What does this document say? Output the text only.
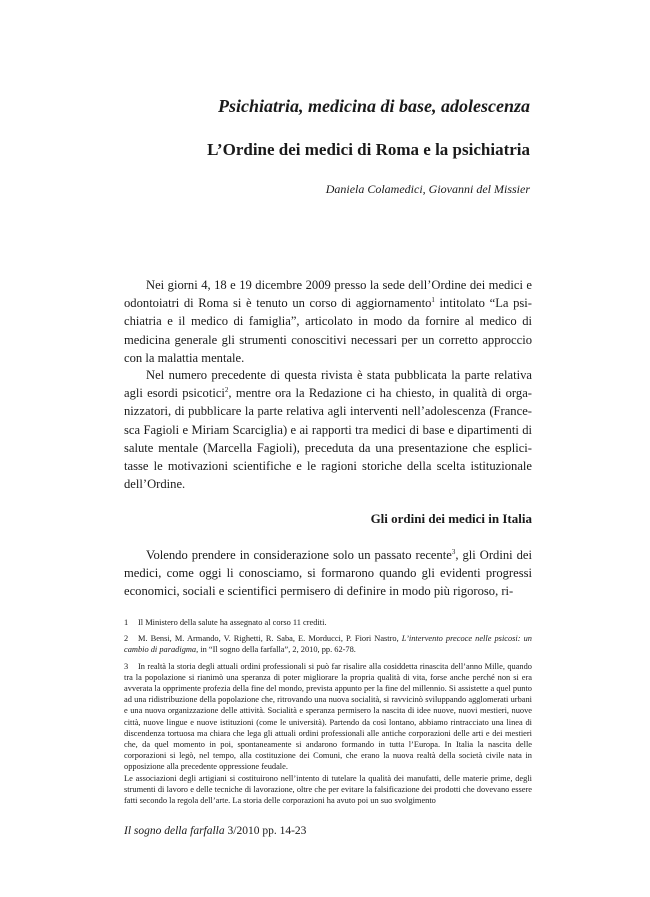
Psichiatria, medicina di base, adolescenza
L’Ordine dei medici di Roma e la psichiatria
Daniela Colamedici, Giovanni del Missier

Nei giorni 4, 18 e 19 dicembre 2009 presso la sede dell’Ordine dei medici e odontoiatri di Roma si è tenuto un corso di aggiornamento$^1$ intitolato “La psichiatria e il medico di famiglia”, articolato in modo da fornire al medico di medicina generale gli strumenti conoscitivi necessari per un corretto approccio con la malattia mentale.

Nel numero precedente di questa rivista è stata pubblicata la parte relativa agli esordi psicotici$^2$, mentre ora la Redazione ci ha chiesto, in qualità di organizzatori, di pubblicare la parte relativa agli interventi nell’adolescenza (Francesca Fagioli e Miriam Scarciglia) e ai rapporti tra medici di base e dipartimenti di salute mentale (Marcella Fagioli), preceduta da una presentazione che esplicitasse le motivazioni scientifiche e le ragioni storiche della scelta istituzionale dell’Ordine.

Gli ordini dei medici in Italia

Volendo prendere in considerazione solo un passato recente$^3$, gli Ordini dei medici, come oggi li conosciamo, si formarono quando gli evidenti progressi economici, sociali e scientifici permisero di definire in modo più rigoroso, ri-

1 Il Ministero della salute ha assegnato al corso 11 crediti.

2 M. Bensi, M. Armando, V. Righetti, R. Saba, E. Morducci, P. Fiori Nastro, L’intervento precoce nelle psicosi: un cambio di paradigma, in “Il sogno della farfalla”, 2, 2010, pp. 62-78.

3 In realtà la storia degli attuali ordini professionali si può far risalire alla cosiddetta rinascita dell’anno Mille, quando tra la popolazione si rianimò una speranza di poter migliorare la propria qualità di vita, forse anche perché non si era avverata la opprimente profezia della fine del mondo, prevista appunto per la fine del millennio. Si assistette a quel punto ad una ridistribuzione della popolazione che, ritrovando una nuova socialità, si ravvicinò sviluppando agglomerati urbani e una nuova organizzazione delle attività. Socialità e speranza permisero la nascita di idee nuove, nuovi mestieri, nuove città, nuove lingue e nuove istituzioni (come le università). Partendo da così lontano, abbiamo rintracciato una linea di discendenza tortuosa ma chiara che lega gli attuali ordini professionali alle antiche corporazioni delle arti e dei mestieri che, da quel momento in poi, spontaneamente si andarono formando in tutta l’Europa. In Italia la nascita delle corporazioni si legò, nel tempo, alla costituzione dei Comuni, che erano la nuova realtà della società civile nata in opposizione alla precedente oppressione feudale.

Le associazioni degli artigiani si costituirono nell’intento di tutelare la qualità dei manufatti, delle materie prime, degli strumenti di lavoro e delle tecniche di lavorazione, oltre che per evitare la falsificazione dei prodotti che dovevano essere fatti secondo la regola dell’arte. La storia delle corporazioni ha avuto poi un suo svolgimento

Il sogno della farfalla 3/2010 pp. 14-23
